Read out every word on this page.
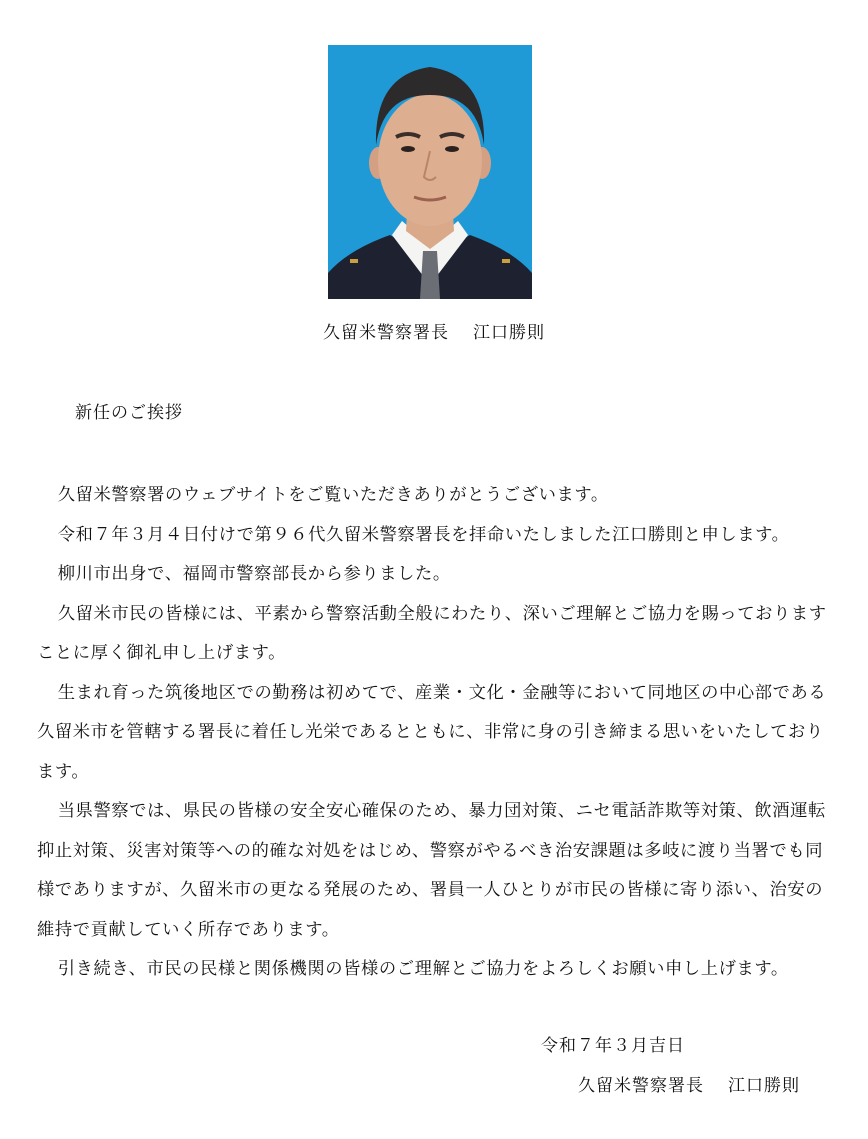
久留米警察署長 江口勝則
新任のご挨拶

久留米警察署のウェブサイトをご覧いただきありがとうございます。

令和７年３月４日付けで第９６代久留米警察署長を拝命いたしました江口勝則と申します。

柳川市出身で、福岡市警察部長から参りました。

久留米市民の皆様には、平素から警察活動全般にわたり、深いご理解とご協力を賜っておりますことに厚く御礼申し上げます。

生まれ育った筑後地区での勤務は初めてで、産業・文化・金融等において同地区の中心部である久留米市を管轄する署長に着任し光栄であるとともに、非常に身の引き締まる思いをいたしております。

当県警察では、県民の皆様の安全安心確保のため、暴力団対策、ニセ電話詐欺等対策、飲酒運転抑止対策、災害対策等への的確な対処をはじめ、警察がやるべき治安課題は多岐に渡り当署でも同様でありますが、久留米市の更なる発展のため、署員一人ひとりが市民の皆様に寄り添い、治安の維持で貢献していく所存であります。

引き続き、市民の民様と関係機関の皆様のご理解とご協力をよろしくお願い申し上げます。

令和７年３月吉日
久留米警察署長 江口勝則
